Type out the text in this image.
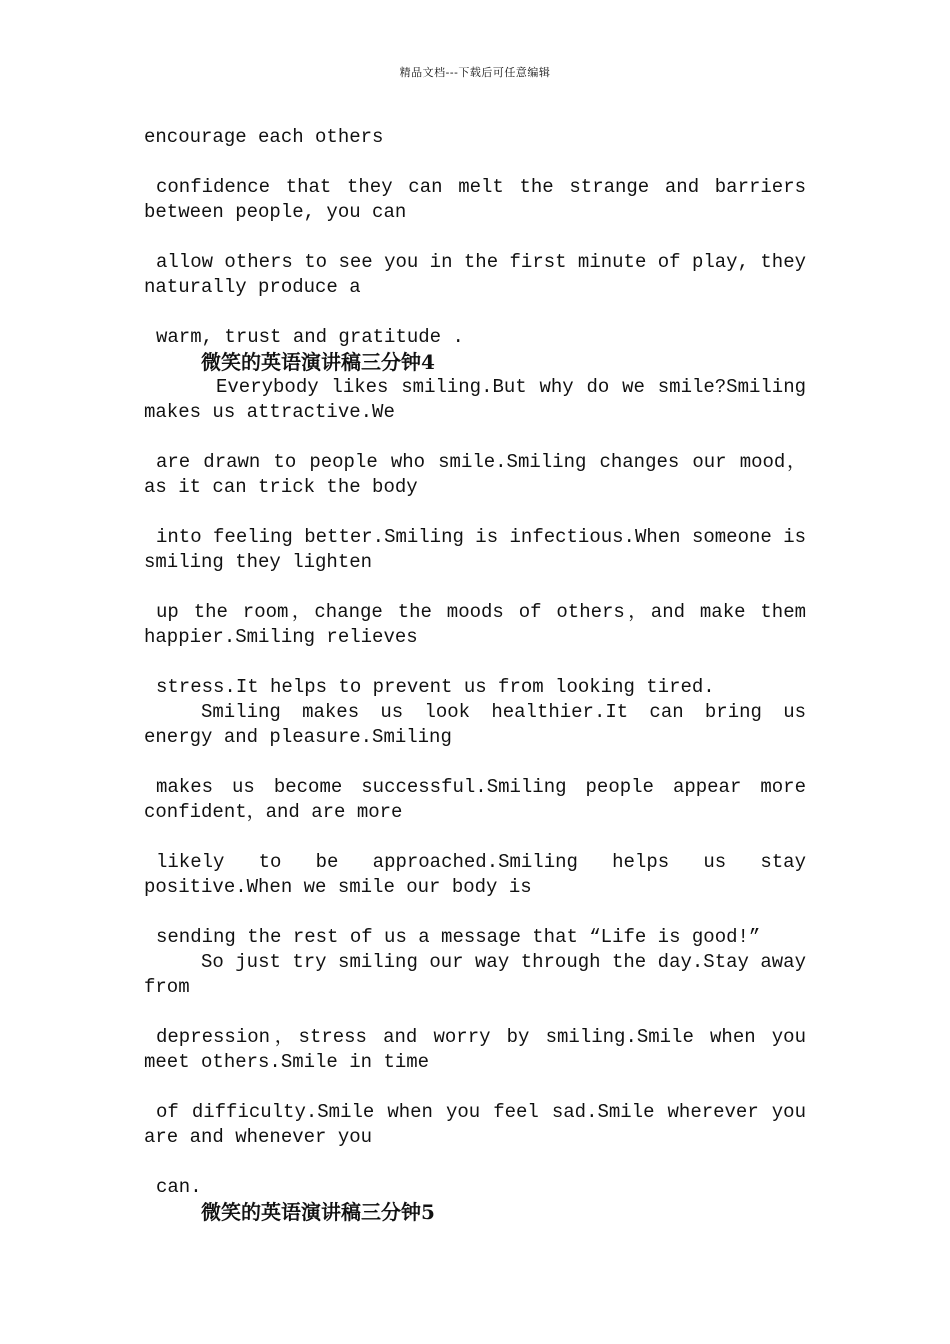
精品文档---下载后可任意编辑

encourage each others

confidence that they can melt the strange and barriers between people, you can

allow others to see you in the first minute of play, they naturally produce a

warm, trust and gratitude .

微笑的英语演讲稿三分钟4

Everybody likes smiling.But why do we smile?Smiling makes us attractive.We

are drawn to people who smile.Smiling changes our mood，as it can trick the body

into feeling better.Smiling is infectious.When someone is smiling they lighten

up the room，change the moods of others，and make them happier.Smiling relieves

stress.It helps to prevent us from looking tired.

Smiling makes us look healthier.It can bring us energy and pleasure.Smiling

makes us become successful.Smiling people appear more confident，and are more

likely to be approached.Smiling helps us stay positive.When we smile our body is

sending the rest of us a message that “Life is good!”

So just try smiling our way through the day.Stay away from

depression，stress and worry by smiling.Smile when you meet others.Smile in time

of difficulty.Smile when you feel sad.Smile wherever you are and whenever you

can.

微笑的英语演讲稿三分钟5
